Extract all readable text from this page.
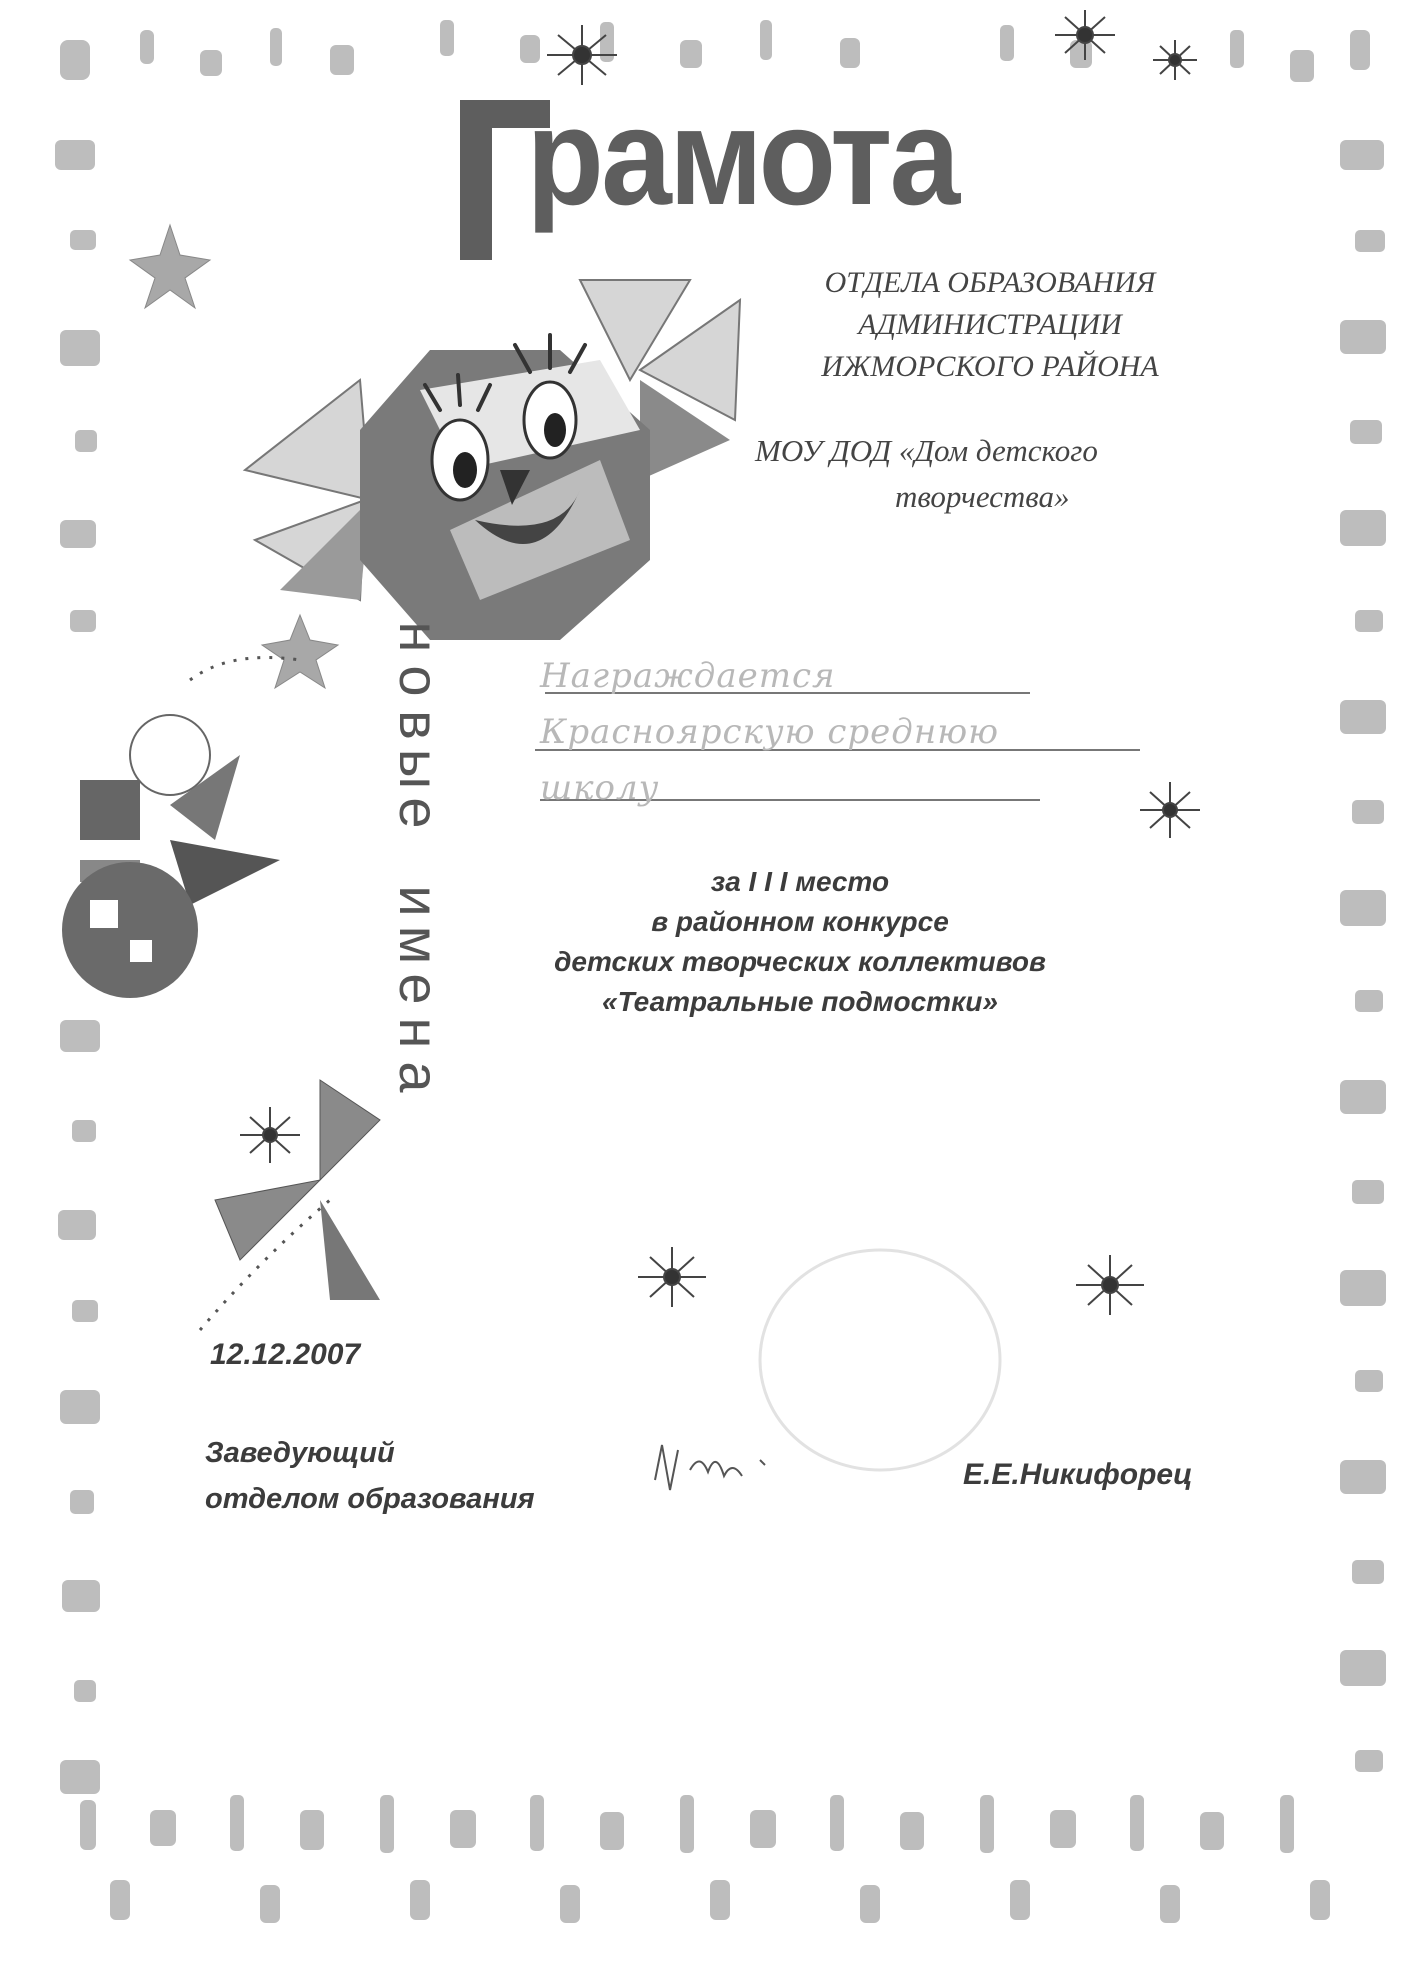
Грамота
ОТДЕЛА ОБРАЗОВАНИЯ
АДМИНИСТРАЦИИ
ИЖМОРСКОГО РАЙОНА
МОУ ДОД «Дом детского
творчества»
н
о
в
ы
е

и
м
е
н
а
Награждается
Красноярскую среднюю
школу
за I I I место
в районном конкурсе
детских творческих коллективов
«Театральные подмостки»
12.12.2007
Заведующий
отделом образования
Е.Е.Никифорец
